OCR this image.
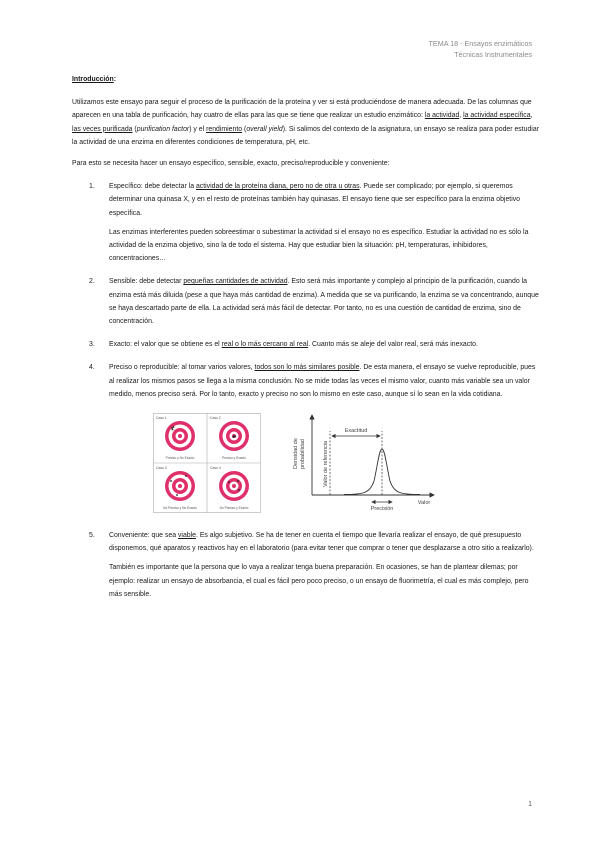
TEMA 18 - Ensayos enzimáticos
Técnicas Instrumentales

Introducción:

Utilizamos este ensayo para seguir el proceso de la purificación de la proteína y ver si está produciéndose de manera adecuada. De las columnas que aparecen en una tabla de purificación, hay cuatro de ellas para las que se tiene que realizar un estudio enzimático: la actividad, la actividad específica, las veces purificada (purification factor) y el rendimiento (overall yield). Si salimos del contexto de la asignatura, un ensayo se realiza para poder estudiar la actividad de una enzima en diferentes condiciones de temperatura, pH, etc.

Para esto se necesita hacer un ensayo específico, sensible, exacto, preciso/reproducible y conveniente:

1. Específico: debe detectar la actividad de la proteína diana, pero no de otra u otras. Puede ser complicado; por ejemplo, si queremos determinar una quinasa X, y en el resto de proteínas también hay quinasas. El ensayo tiene que ser específico para la enzima objetivo específica.

Las enzimas interferentes pueden sobreestimar o subestimar la actividad si el ensayo no es específico. Estudiar la actividad no es sólo la actividad de la enzima objetivo, sino la de todo el sistema. Hay que estudiar bien la situación: pH, temperaturas, inhibidores, concentraciones…

2. Sensible: debe detectar pequeñas cantidades de actividad. Esto será más importante y complejo al principio de la purificación, cuando la enzima está más diluida (pese a que haya más cantidad de enzima). A medida que se va purificando, la enzima se va concentrando, aunque se haya descartado parte de ella. La actividad será más fácil de detectar. Por tanto, no es una cuestión de cantidad de enzima, sino de concentración.

3. Exacto: el valor que se obtiene es el real o lo más cercano al real. Cuanto más se aleje del valor real, será más inexacto.

4. Preciso o reproducible: al tomar varios valores, todos son lo más similares posible. De esta manera, el ensayo se vuelve reproducible, pues al realizar los mismos pasos se llega a la misma conclusión. No se mide todas las veces el mismo valor, cuanto más variable sea un valor medido, menos preciso será. Por lo tanto, exacto y preciso no son lo mismo en este caso, aunque sí lo sean en la vida cotidiana.

Caso 1	Caso 2
Caso 3	Caso 4
Preciso y No Exacto	Preciso y Exacto
No Preciso y No Exacto	No Preciso y Exacto
Densidad de probabilidad	Valor de referencia
Exactitud
Precisión
Valor
5. Conveniente: que sea viable. Es algo subjetivo. Se ha de tener en cuenta el tiempo que llevaría realizar el ensayo, de qué presupuesto disponemos, qué aparatos y reactivos hay en el laboratorio (para evitar tener que comprar o tener que desplazarse a otro sitio a realizarlo).

También es importante que la persona que lo vaya a realizar tenga buena preparación. En ocasiones, se han de plantear dilemas; por ejemplo: realizar un ensayo de absorbancia, el cual es fácil pero poco preciso, o un ensayo de fluorimetría, el cual es más complejo, pero más sensible.

1
